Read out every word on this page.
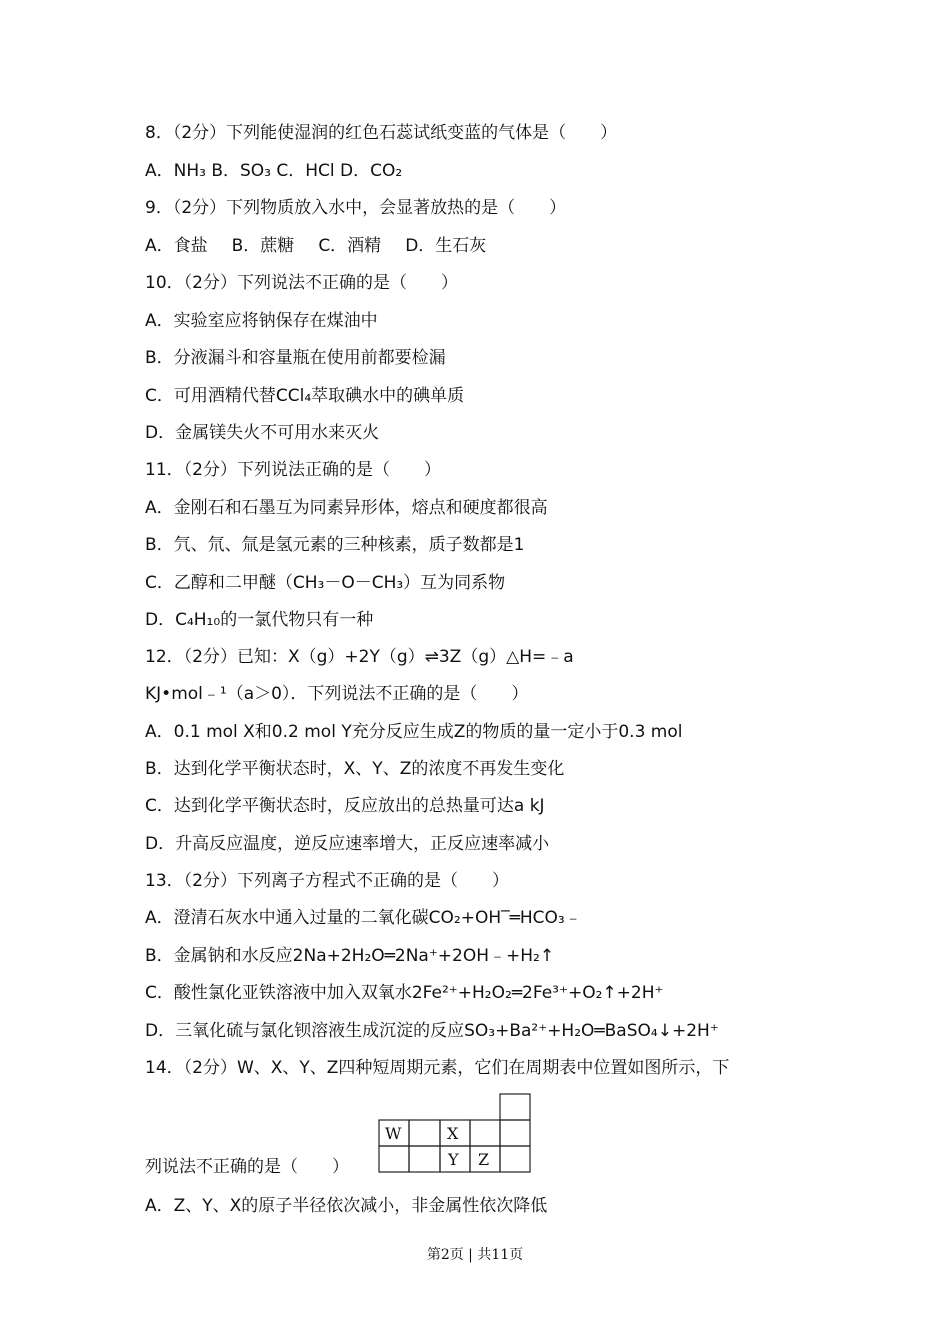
8．（2分）下列能使湿润的红色石蕊试纸变蓝的气体是（　　）
A．NH₃ B．SO₃ C．HCl D．CO₂
9．（2分）下列物质放入水中，会显著放热的是（　　）
A．食盐 B．蔗糖 C．酒精 D．生石灰
10．（2分）下列说法不正确的是（　　）
A．实验室应将钠保存在煤油中
B．分液漏斗和容量瓶在使用前都要检漏
C．可用酒精代替CCl₄萃取碘水中的碘单质
D．金属镁失火不可用水来灭火
11．（2分）下列说法正确的是（　　）
A．金刚石和石墨互为同素异形体，熔点和硬度都很高
B．氕、氘、氚是氢元素的三种核素，质子数都是1
C．乙醇和二甲醚（CH₃－O－CH₃）互为同系物
D．C₄H₁₀的一氯代物只有一种
12．（2分）已知：X（g）+2Y（g）⇌3Z（g）△H=﹣a
KJ•mol﹣¹（a＞0）．下列说法不正确的是（　　）
A．0.1 mol X和0.2 mol Y充分反应生成Z的物质的量一定小于0.3 mol
B．达到化学平衡状态时，X、Y、Z的浓度不再发生变化
C．达到化学平衡状态时，反应放出的总热量可达a kJ
D．升高反应温度，逆反应速率增大，正反应速率减小
13．（2分）下列离子方程式不正确的是（　　）
A．澄清石灰水中通入过量的二氧化碳CO₂+OH‾═HCO₃﹣
B．金属钠和水反应2Na+2H₂O═2Na⁺+2OH﹣+H₂↑
C．酸性氯化亚铁溶液中加入双氧水2Fe²⁺+H₂O₂═2Fe³⁺+O₂↑+2H⁺
D．三氧化硫与氯化钡溶液生成沉淀的反应SO₃+Ba²⁺+H₂O═BaSO₄↓+2H⁺
14．（2分）W、X、Y、Z四种短周期元素，它们在周期表中位置如图所示，下
列说法不正确的是（　　）
W	X
Y Z
A．Z、Y、X的原子半径依次减小，非金属性依次降低
第2页 | 共11页
